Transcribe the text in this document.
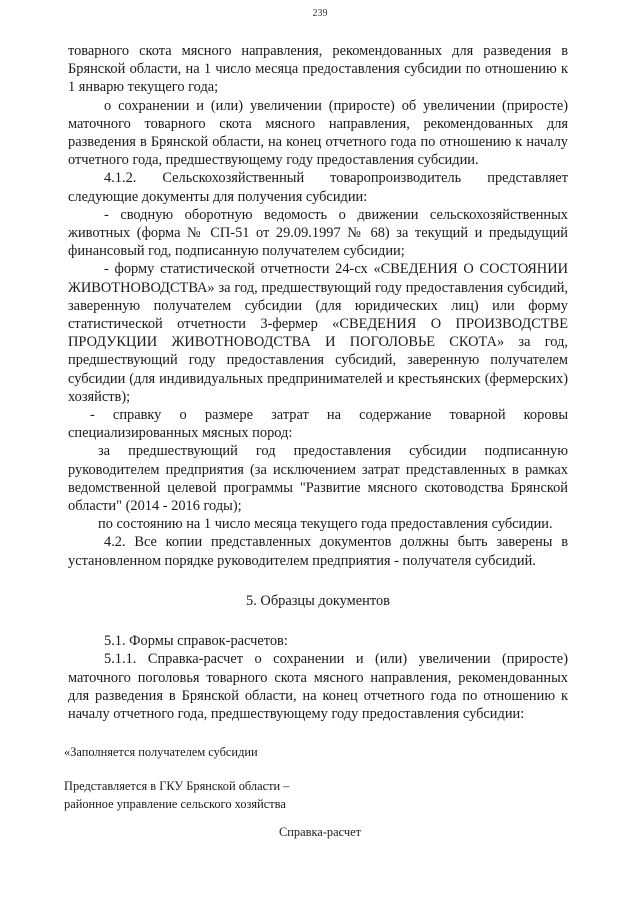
239

товарного скота мясного направления, рекомендованных для разведения в Брянской области, на 1 число месяца предоставления субсидии по отношению к 1 январю текущего года;

о сохранении и (или) увеличении (приросте) об увеличении (приросте) маточного товарного скота мясного направления, рекомендованных для разведения в Брянской области, на конец отчетного года по отношению к началу отчетного года, предшествующему году предоставления субсидии.

4.1.2. Сельскохозяйственный товаропроизводитель представляет следующие документы для получения субсидии:

- сводную оборотную ведомость о движении сельскохозяйственных животных (форма № СП-51 от 29.09.1997 № 68) за текущий и предыдущий финансовый год, подписанную получателем субсидии;

- форму статистической отчетности 24-сх «СВЕДЕНИЯ О СОСТОЯНИИ ЖИВОТНОВОДСТВА» за год, предшествующий году предоставления субсидий, заверенную получателем субсидии (для юридических лиц) или форму статистической отчетности 3-фермер «СВЕДЕНИЯ О ПРОИЗВОДСТВЕ ПРОДУКЦИИ ЖИВОТНОВОДСТВА И ПОГОЛОВЬЕ СКОТА» за год, предшествующий году предоставления субсидий, заверенную получателем субсидии (для индивидуальных предпринимателей и крестьянских (фермерских) хозяйств);

- справку о размере затрат на содержание товарной коровы специализированных мясных пород:

за предшествующий год предоставления субсидии подписанную руководителем предприятия (за исключением затрат представленных в рамках ведомственной целевой программы "Развитие мясного скотоводства Брянской области" (2014 - 2016 годы);

по состоянию на 1 число месяца текущего года предоставления субсидии.

4.2. Все копии представленных документов должны быть заверены в установленном порядке руководителем предприятия - получателя субсидий.

5. Образцы документов

5.1. Формы справок-расчетов:

5.1.1. Справка-расчет о сохранении и (или) увеличении (приросте) маточного поголовья товарного скота мясного направления, рекомендованных для разведения в Брянской области, на конец отчетного года по отношению к началу отчетного года, предшествующему году предоставления субсидии:

«Заполняется получателем субсидии
Представляется в ГКУ Брянской области –
районное управление сельского хозяйства
Справка-расчет
